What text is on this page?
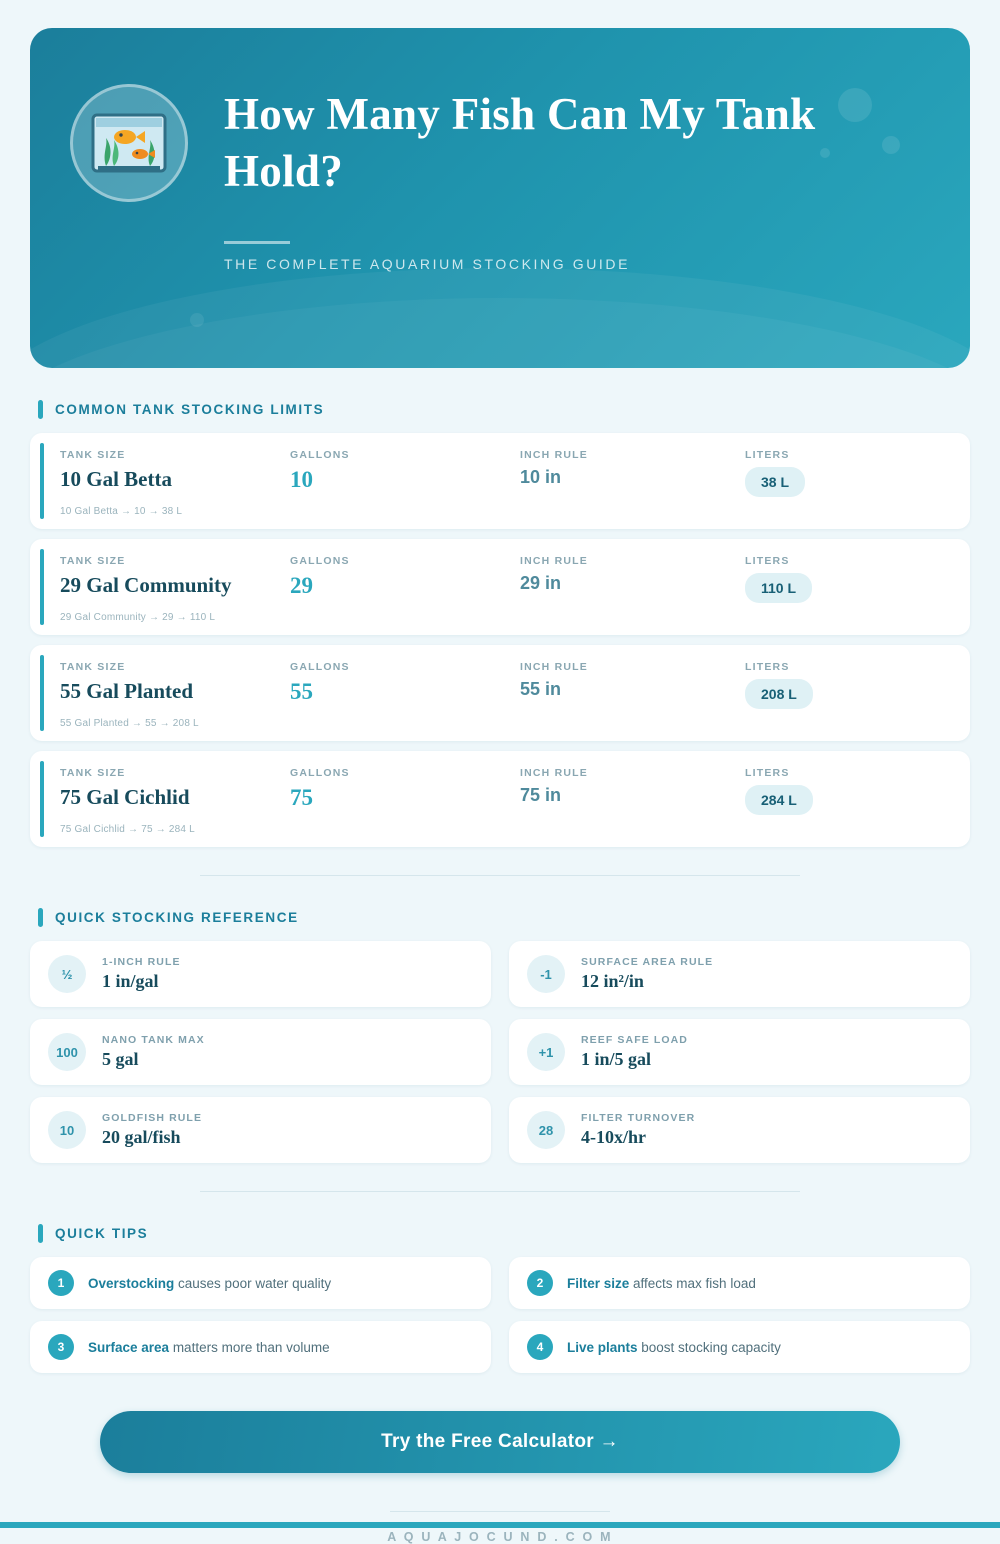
How Many Fish Can My Tank Hold?
THE COMPLETE AQUARIUM STOCKING GUIDE
COMMON TANK STOCKING LIMITS
TANK SIZE
10 Gal Betta
GALLONS
10
INCH RULE
10 in
LITERS
38 L
10 Gal Betta → 10 → 38 L
TANK SIZE
29 Gal Community
GALLONS
29
INCH RULE
29 in
LITERS
110 L
29 Gal Community → 29 → 110 L
TANK SIZE
55 Gal Planted
GALLONS
55
INCH RULE
55 in
LITERS
208 L
55 Gal Planted → 55 → 208 L
TANK SIZE
75 Gal Cichlid
GALLONS
75
INCH RULE
75 in
LITERS
284 L
75 Gal Cichlid → 75 → 284 L
QUICK STOCKING REFERENCE
½
1-INCH RULE
1 in/gal	-1
SURFACE AREA RULE
12 in²/in
100
NANO TANK MAX
5 gal	+1
REEF SAFE LOAD
1 in/5 gal
10
GOLDFISH RULE
20 gal/fish	28
FILTER TURNOVER
4-10x/hr
QUICK TIPS
1	Overstocking causes poor water quality	2	Filter size affects max fish load
3	Surface area matters more than volume	4	Live plants boost stocking capacity
Try the Free Calculator →
A Q U A J O C U N D . C O M
